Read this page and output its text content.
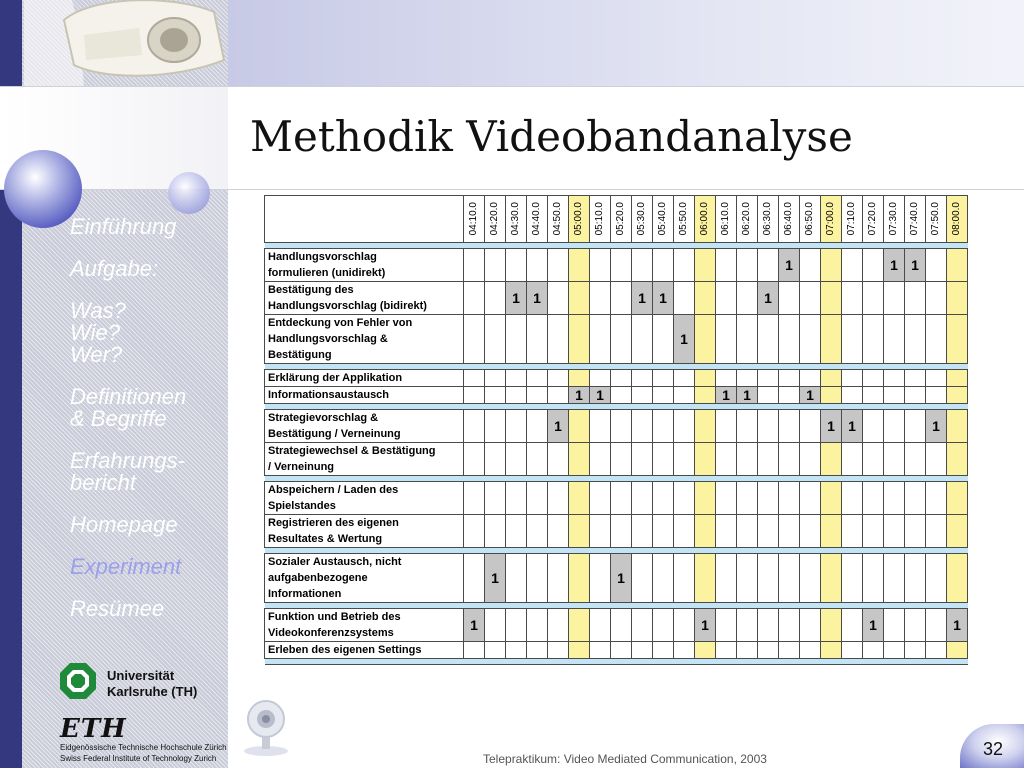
Methodik Videobandanalyse
Einführung
Aufgabe:
Was?
Wie?
Wer?
Definitionen
& Begriffe
Erfahrungs-
bericht
Homepage
Experiment
Resümee
Universität
Karlsruhe (TH)
ETH
Eidgenössische Technische Hochschule Zürich
Swiss Federal Institute of Technology Zurich

	04:10.0	04:20.0	04:30.0	04:40.0	04:50.0	05:00.0	05:10.0	05:20.0	05:30.0	05:40.0	05:50.0	06:00.0	06:10.0	06:20.0	06:30.0	06:40.0	06:50.0	07:00.0	07:10.0	07:20.0	07:30.0	07:40.0	07:50.0	08:00.0

Handlungsvorschlag
formulieren (unidirekt)																1					1	1		

Bestätigung des
Handlungsvorschlag (bidirekt)			1	1					1	1					1									

Entdeckung von Fehler von
Handlungsvorschlag &
Bestätigung											1													

Erklärung der Applikation																								

Informationsaustausch						1	1						1	1			1							

Strategievorschlag &
Bestätigung / Verneinung					1													1	1				1	

Strategiewechsel & Bestätigung
/ Verneinung																								

Abspeichern / Laden des
Spielstandes																								

Registrieren des eigenen
Resultates & Wertung																								

Sozialer Austausch, nicht
aufgabenbezogene
Informationen		1						1																

Funktion und Betrieb des
Videokonferenzsystems	1											1								1				1

Erleben des eigenen Settings																								

Telepraktikum: Video Mediated Communication, 2003	32
